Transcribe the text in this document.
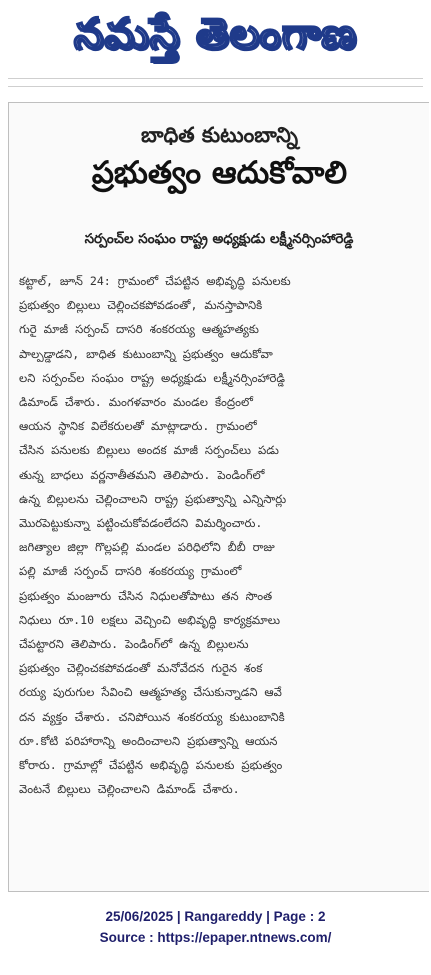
నమస్తే తెలంగాణ
బాధిత కుటుంబాన్ని
ప్రభుత్వం ఆదుకోవాలి
సర్పంచ్‌ల సంఘం రాష్ట్ర అధ్యక్షుడు లక్ష్మీనర్సింహారెడ్డి
కట్టాల్, జూన్ 24: గ్రామంలో చేపట్టిన అభివృద్ధి పనులకు
ప్రభుత్వం బిల్లులు చెల్లించకపోవడంతో, మనస్తాపానికి
గురై మాజీ సర్పంచ్ దాసరి శంకరయ్య ఆత్మహత్యకు
పాల్పడ్డాడని, బాధిత కుటుంబాన్ని ప్రభుత్వం ఆదుకోవా
లని సర్పంచ్‌ల సంఘం రాష్ట్ర అధ్యక్షుడు లక్ష్మీనర్సింహారెడ్డి
డిమాండ్ చేశారు. మంగళవారం మండల కేంద్రంలో
ఆయన స్థానిక విలేకరులతో మాట్లాడారు. గ్రామంలో
చేసిన పనులకు బిల్లులు అందక మాజీ సర్పంచ్‌లు పడు
తున్న బాధలు వర్ణనాతీతమని తెలిపారు. పెండింగ్‌లో
ఉన్న బిల్లులను చెల్లించాలని రాష్ట్ర ప్రభుత్వాన్ని ఎన్నిసార్లు
మొరపెట్టుకున్నా పట్టించుకోవడంలేదని విమర్శించారు.
జగిత్యాల జిల్లా గొల్లపల్లి మండల పరిధిలోని బీబీ రాజు
పల్లి మాజీ సర్పంచ్ దాసరి శంకరయ్య గ్రామంలో
ప్రభుత్వం మంజూరు చేసిన నిధులతోపాటు తన సొంత
నిధులు రూ.10 లక్షలు వెచ్చించి అభివృద్ధి కార్యక్రమాలు
చేపట్టారని తెలిపారు. పెండింగ్‌లో ఉన్న బిల్లులను
ప్రభుత్వం చెల్లించకపోవడంతో మనోవేదన గురైన శంక
రయ్య పురుగుల సేవించి ఆత్మహత్య చేసుకున్నాడని ఆవే
దన వ్యక్తం చేశారు. చనిపోయిన శంకరయ్య కుటుంబానికి
రూ.కోటి పరిహారాన్ని అందించాలని ప్రభుత్వాన్ని ఆయన
కోరారు. గ్రామాల్లో చేపట్టిన అభివృద్ధి పనులకు ప్రభుత్వం
వెంటనే బిల్లులు చెల్లించాలని డిమాండ్ చేశారు.
25/06/2025 | Rangareddy | Page : 2
Source : https://epaper.ntnews.com/
